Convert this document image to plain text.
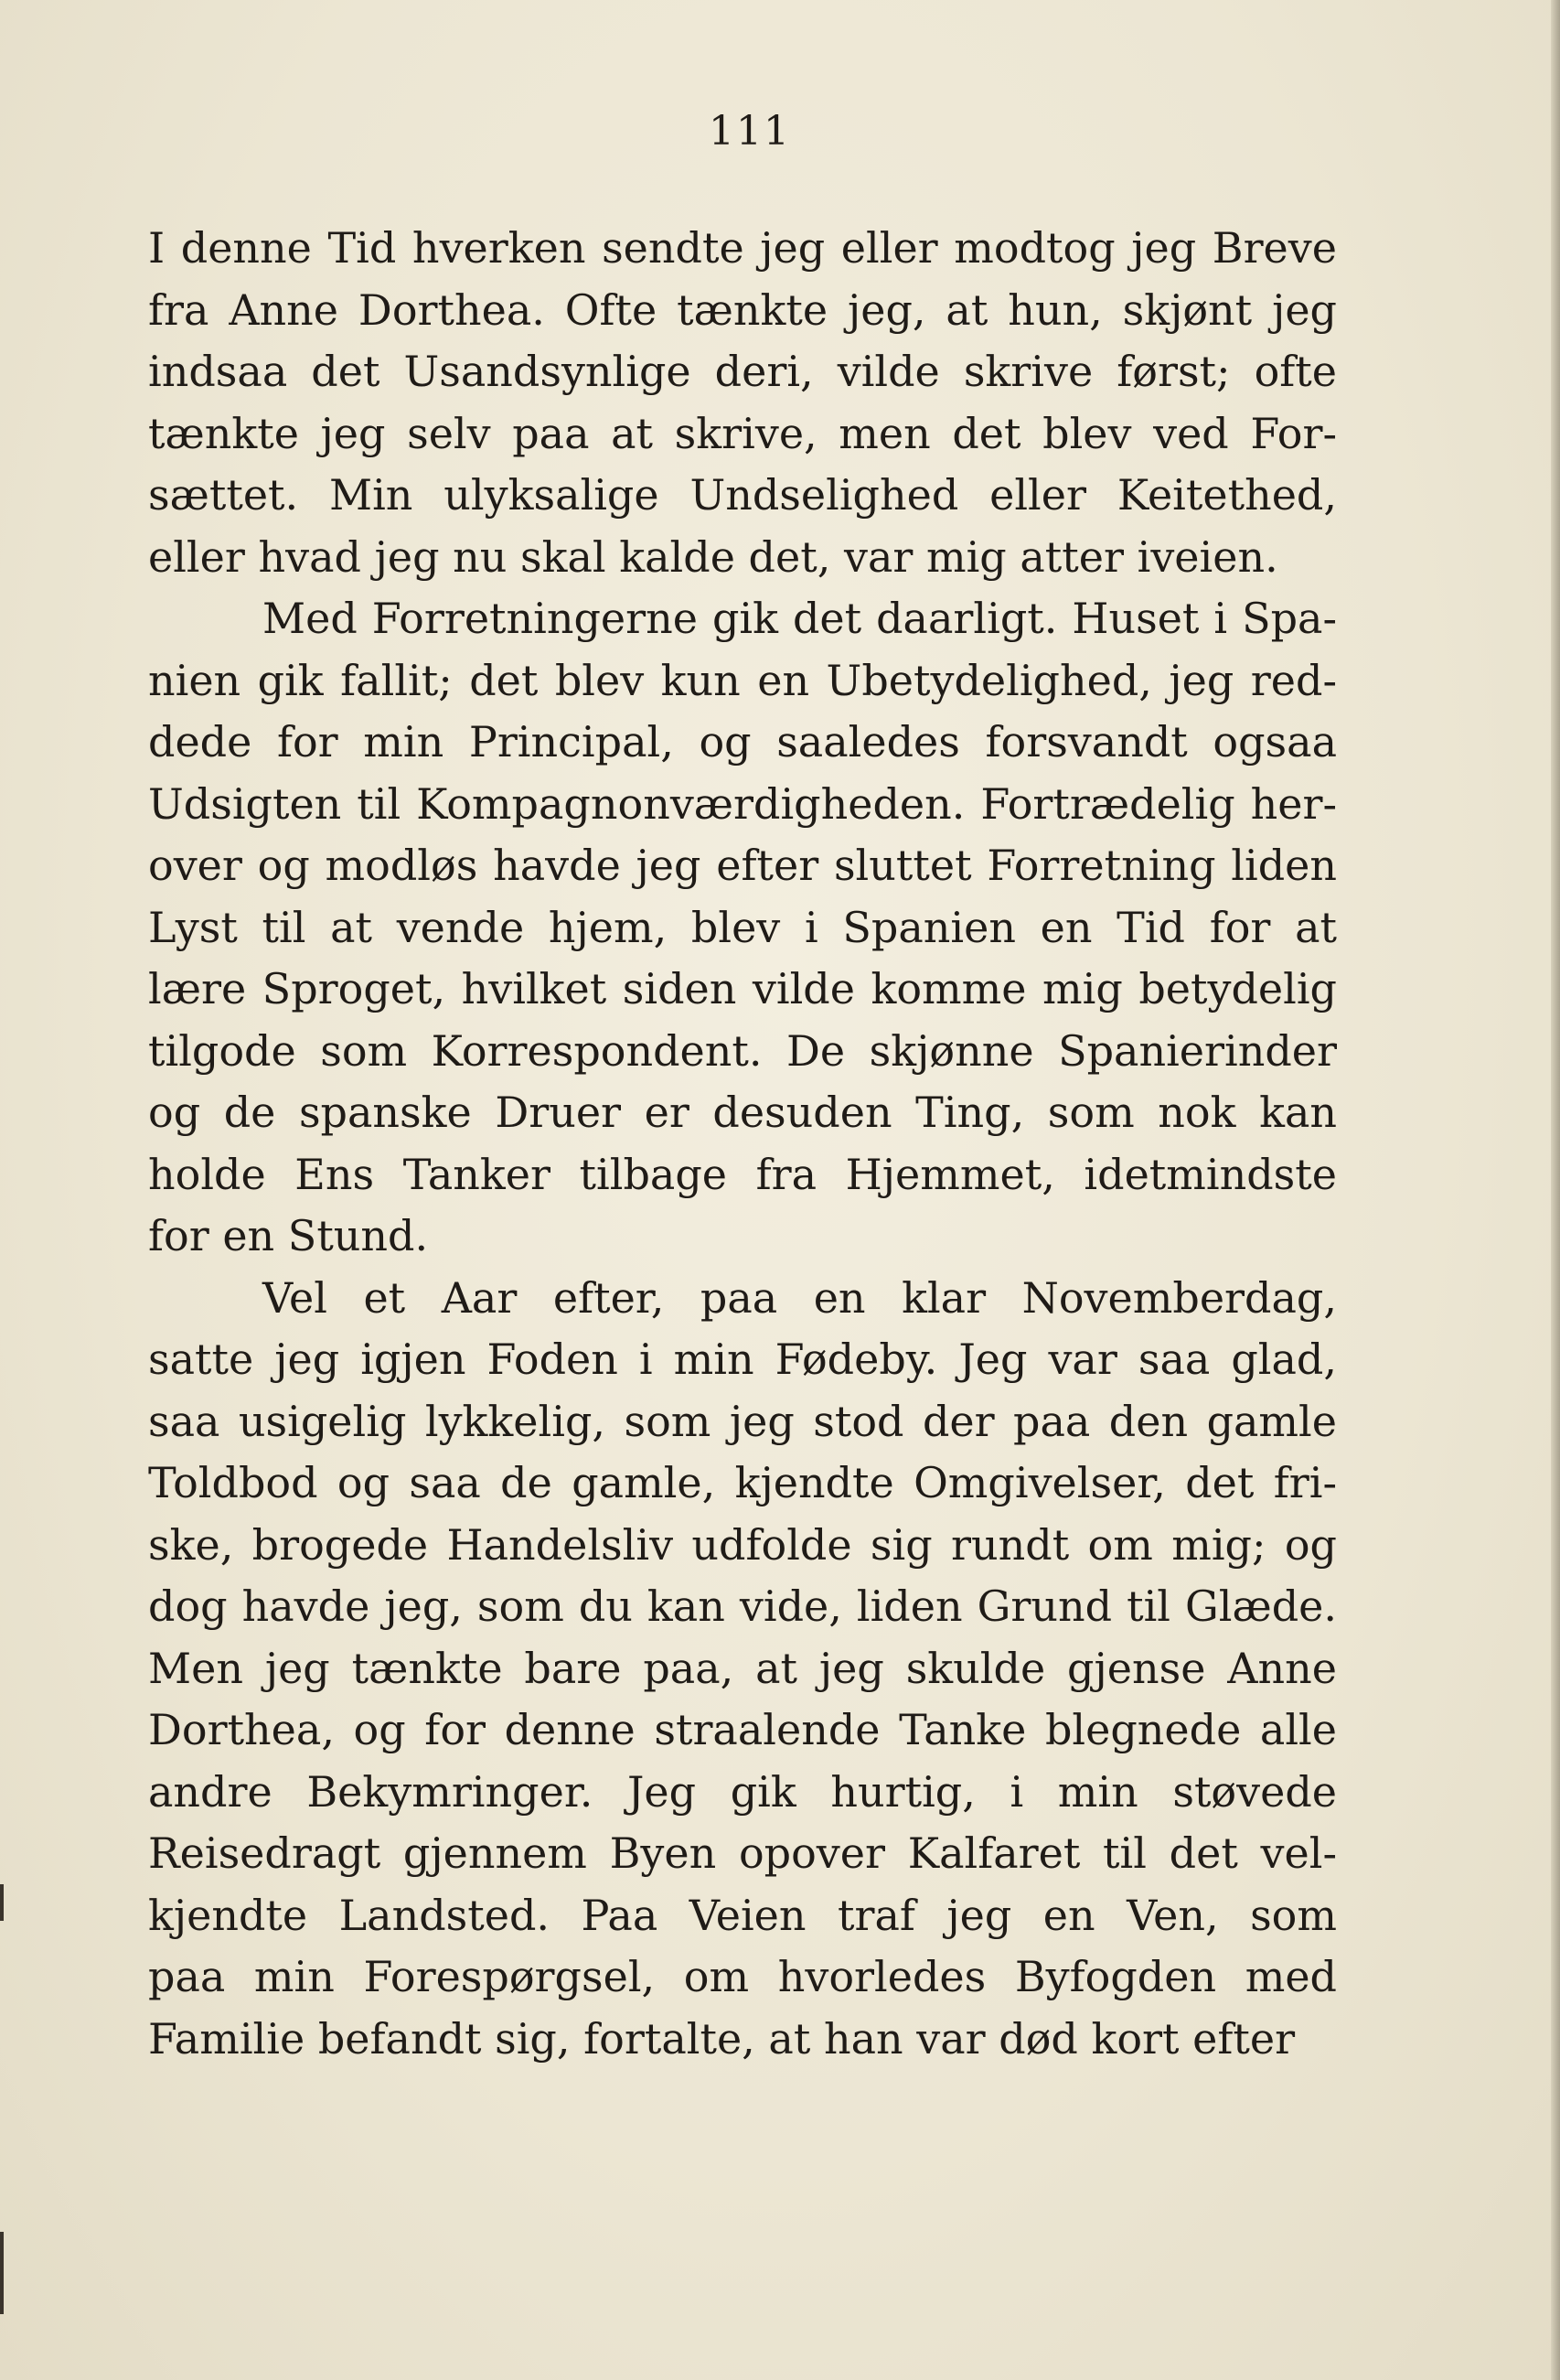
111
I denne Tid hverken sendte jeg eller modtog jeg Breve
fra Anne Dorthea. Ofte tænkte jeg, at hun, skjønt jeg
indsaa det Usandsynlige deri, vilde skrive først; ofte
tænkte jeg selv paa at skrive, men det blev ved For-
sættet. Min ulyksalige Undselighed eller Keitethed,
eller hvad jeg nu skal kalde det, var mig atter iveien.
Med Forretningerne gik det daarligt. Huset i Spa-
nien gik fallit; det blev kun en Ubetydelighed, jeg red-
dede for min Principal, og saaledes forsvandt ogsaa
Udsigten til Kompagnonværdigheden. Fortrædelig her-
over og modløs havde jeg efter sluttet Forretning liden
Lyst til at vende hjem, blev i Spanien en Tid for at
lære Sproget, hvilket siden vilde komme mig betydelig
tilgode som Korrespondent. De skjønne Spanierinder
og de spanske Druer er desuden Ting, som nok kan
holde Ens Tanker tilbage fra Hjemmet, idetmindste
for en Stund.
Vel et Aar efter, paa en klar Novemberdag,
satte jeg igjen Foden i min Fødeby. Jeg var saa glad,
saa usigelig lykkelig, som jeg stod der paa den gamle
Toldbod og saa de gamle, kjendte Omgivelser, det fri-
ske, brogede Handelsliv udfolde sig rundt om mig; og
dog havde jeg, som du kan vide, liden Grund til Glæde.
Men jeg tænkte bare paa, at jeg skulde gjense Anne
Dorthea, og for denne straalende Tanke blegnede alle
andre Bekymringer. Jeg gik hurtig, i min støvede
Reisedragt gjennem Byen opover Kalfaret til det vel-
kjendte Landsted. Paa Veien traf jeg en Ven, som
paa min Forespørgsel, om hvorledes Byfogden med
Familie befandt sig, fortalte, at han var død kort efter
